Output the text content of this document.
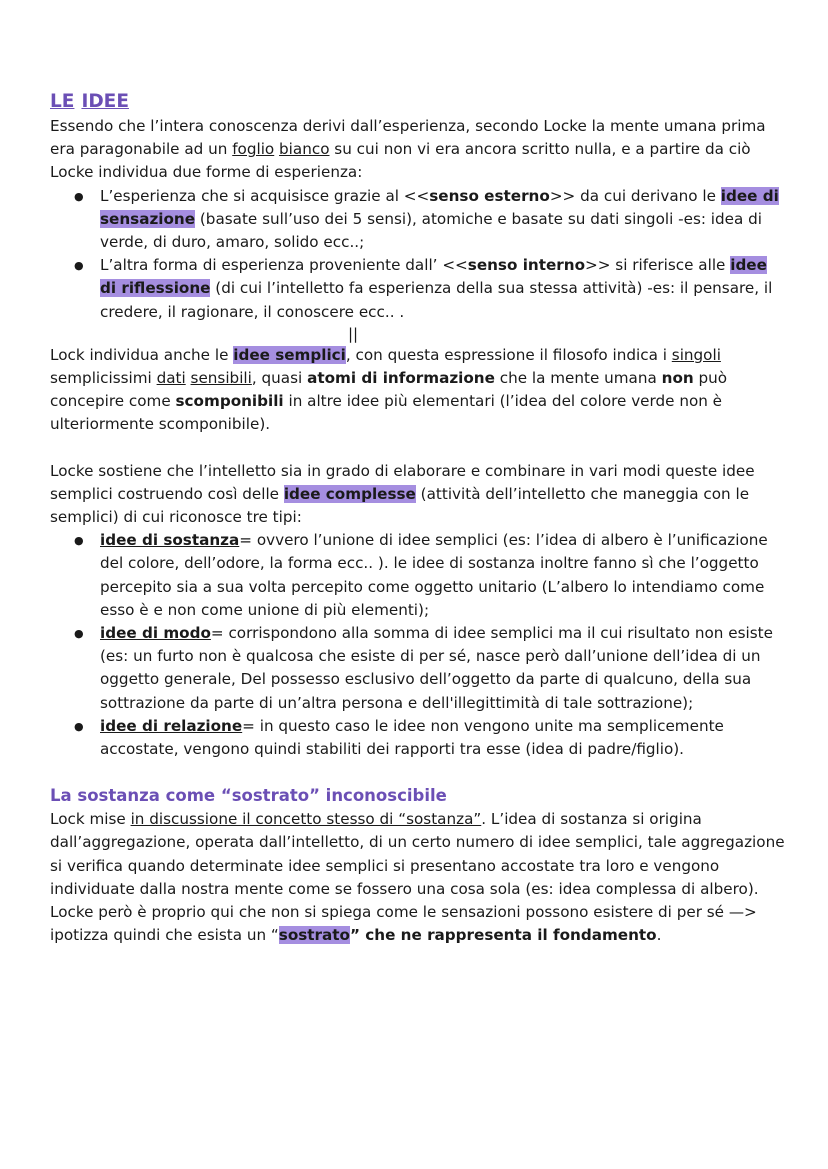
LE IDEE

Essendo che l’intera conoscenza derivi dall’esperienza, secondo Locke la mente umana prima era paragonabile ad un foglio bianco su cui non vi era ancora scritto nulla, e a partire da ciò Locke individua due forme di esperienza:

● L’esperienza che si acquisisce grazie al <<senso esterno>> da cui derivano le idee di sensazione (basate sull’uso dei 5 sensi), atomiche e basate su dati singoli -es: idea di verde, di duro, amaro, solido ecc..;
● L’altra forma di esperienza proveniente dall’ <<senso interno>> si riferisce alle idee di riflessione (di cui l’intelletto fa esperienza della sua stessa attività) -es: il pensare, il credere, il ragionare, il conoscere ecc.. .

||

Lock individua anche le idee semplici, con questa espressione il filosofo indica i singoli semplicissimi dati sensibili, quasi atomi di informazione che la mente umana non può concepire come scomponibili in altre idee più elementari (l’idea del colore verde non è ulteriormente scomponibile).

Locke sostiene che l’intelletto sia in grado di elaborare e combinare in vari modi queste idee semplici costruendo così delle idee complesse (attività dell’intelletto che maneggia con le semplici) di cui riconosce tre tipi:

● idee di sostanza= ovvero l’unione di idee semplici (es: l’idea di albero è l’unificazione del colore, dell’odore, la forma ecc.. ). le idee di sostanza inoltre fanno sì che l’oggetto percepito sia a sua volta percepito come oggetto unitario (L’albero lo intendiamo come esso è e non come unione di più elementi);
● idee di modo= corrispondono alla somma di idee semplici ma il cui risultato non esiste (es: un furto non è qualcosa che esiste di per sé, nasce però dall’unione dell’idea di un oggetto generale, Del possesso esclusivo dell’oggetto da parte di qualcuno, della sua sottrazione da parte di un’altra persona e dell'illegittimità di tale sottrazione);
● idee di relazione= in questo caso le idee non vengono unite ma semplicemente accostate, vengono quindi stabiliti dei rapporti tra esse (idea di padre/figlio).

La sostanza come “sostrato” inconoscibile

Lock mise in discussione il concetto stesso di “sostanza”. L’idea di sostanza si origina dall’aggregazione, operata dall’intelletto, di un certo numero di idee semplici, tale aggregazione si verifica quando determinate idee semplici si presentano accostate tra loro e vengono individuate dalla nostra mente come se fossero una cosa sola (es: idea complessa di albero). Locke però è proprio qui che non si spiega come le sensazioni possono esistere di per sé —> ipotizza quindi che esista un “sostrato” che ne rappresenta il fondamento.
